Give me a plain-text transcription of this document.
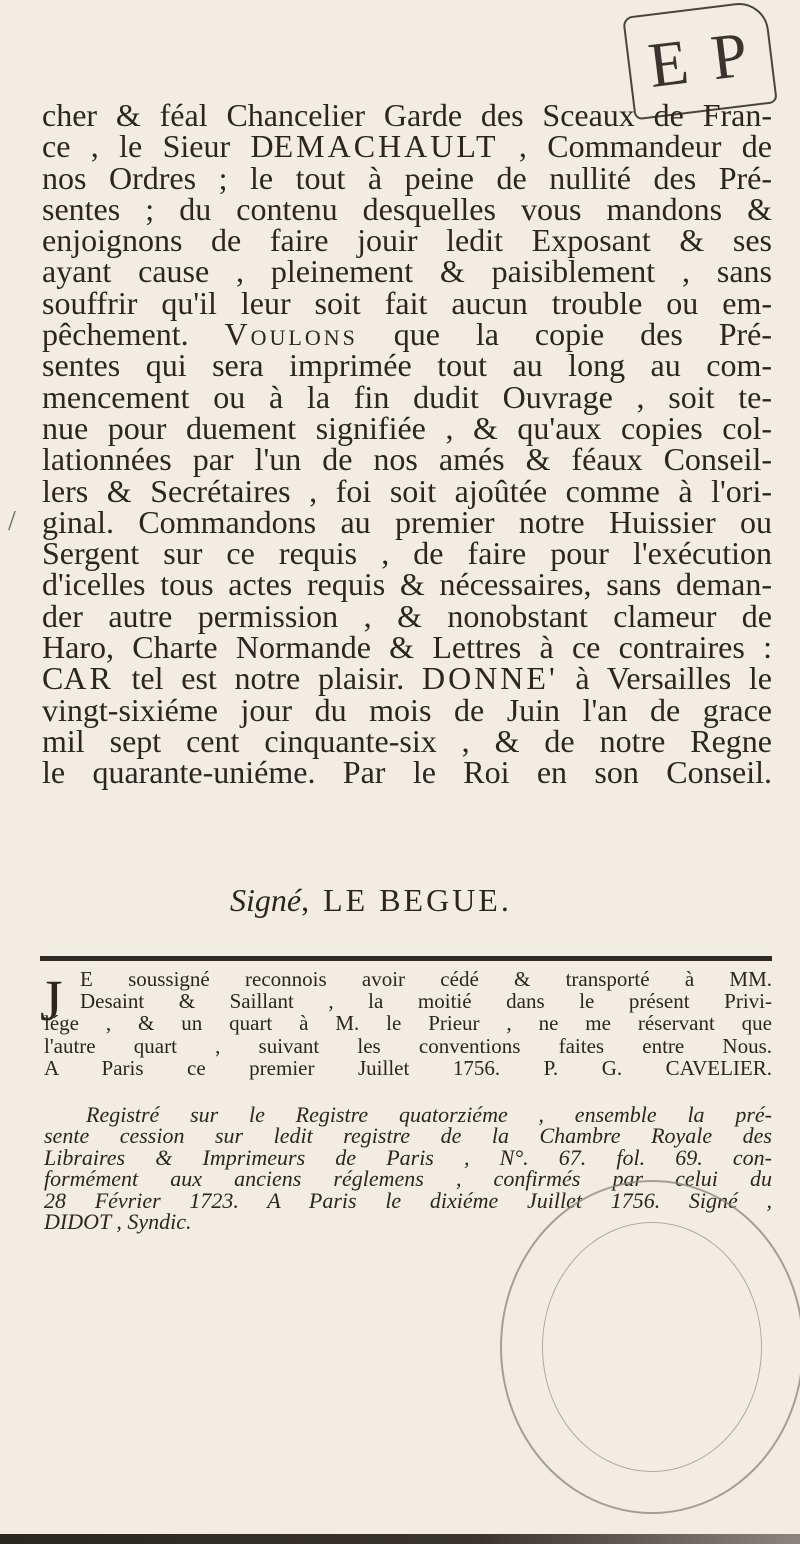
E P
/
cher & féal Chancelier Garde des Sceaux de Fran-
ce , le Sieur DEMACHAULT , Commandeur de
nos Ordres ; le tout à peine de nullité des Pré-
sentes ; du contenu desquelles vous mandons &
enjoignons de faire jouir ledit Exposant & ses
ayant cause , pleinement & paisiblement , sans
souffrir qu'il leur soit fait aucun trouble ou em-
pêchement. Voulons que la copie des Pré-
sentes qui sera imprimée tout au long au com-
mencement ou à la fin dudit Ouvrage , soit te-
nue pour duement signifiée , & qu'aux copies col-
lationnées par l'un de nos amés & féaux Conseil-
lers & Secrétaires , foi soit ajoûtée comme à l'ori-
ginal. Commandons au premier notre Huissier ou
Sergent sur ce requis , de faire pour l'exécution
d'icelles tous actes requis & nécessaires, sans deman-
der autre permission , & nonobstant clameur de
Haro, Charte Normande & Lettres à ce contraires :
CAR tel est notre plaisir. DONNE' à Versailles le
vingt-sixiéme jour du mois de Juin l'an de grace
mil sept cent cinquante-six , & de notre Regne
le quarante-uniéme. Par le Roi en son Conseil.
Signé, LE BEGUE.
J E soussigné reconnois avoir cédé & transporté à MM.
Desaint & Saillant , la moitié dans le présent Privi-
lége , & un quart à M. le Prieur , ne me réservant que
l'autre quart , suivant les conventions faites entre Nous.
A Paris ce premier Juillet 1756. P. G. CAVELIER.
Registré sur le Registre quatorziéme , ensemble la pré-
sente cession sur ledit registre de la Chambre Royale des
Libraires & Imprimeurs de Paris , N°. 67. fol. 69. con-
formément aux anciens réglemens , confirmés par celui du
28 Février 1723. A Paris le dixiéme Juillet 1756. Signé ,
DIDOT , Syndic.
